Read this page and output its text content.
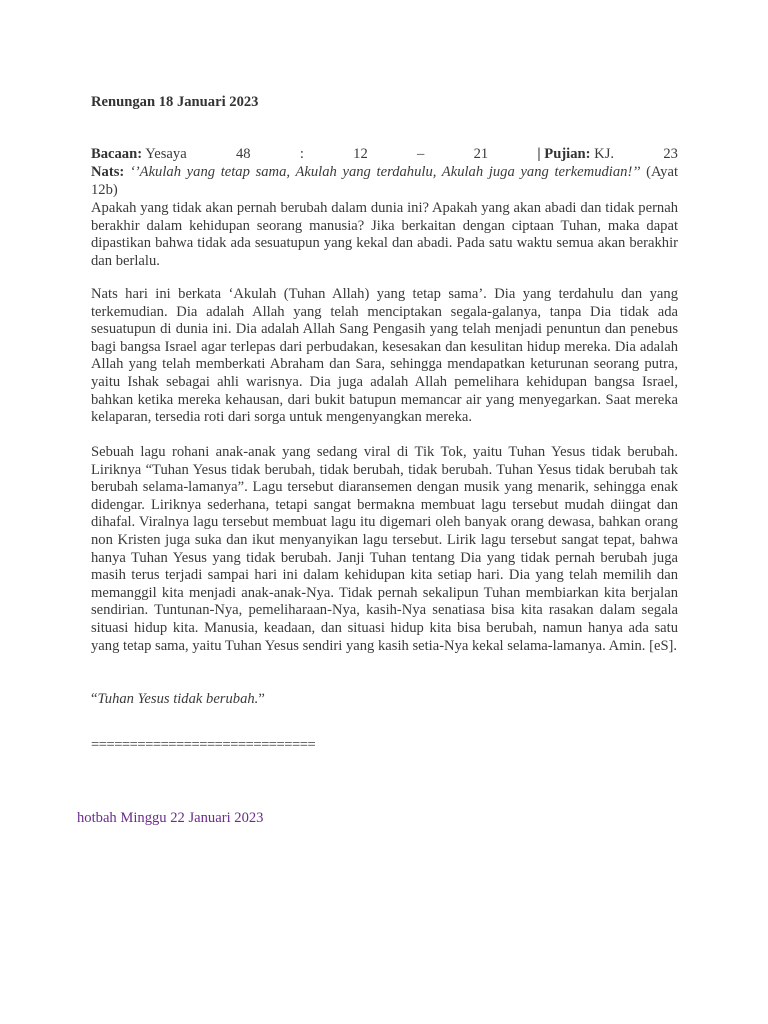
Renungan 18 Januari 2023
Bacaan: Yesaya	48	:	12	–	21	| Pujian: KJ.	23
Nats: ‘’Akulah yang tetap sama, Akulah yang terdahulu, Akulah juga yang terkemudian!’’ (Ayat 12b)

Apakah yang tidak akan pernah berubah dalam dunia ini? Apakah yang akan abadi dan tidak pernah berakhir dalam kehidupan seorang manusia? Jika berkaitan dengan ciptaan Tuhan, maka dapat dipastikan bahwa tidak ada sesuatupun yang kekal dan abadi. Pada satu waktu semua akan berakhir dan berlalu.

Nats hari ini berkata ‘Akulah (Tuhan Allah) yang tetap sama’. Dia yang terdahulu dan yang terkemudian. Dia adalah Allah yang telah menciptakan segala-galanya, tanpa Dia tidak ada sesuatupun di dunia ini. Dia adalah Allah Sang Pengasih yang telah menjadi penuntun dan penebus bagi bangsa Israel agar terlepas dari perbudakan, kesesakan dan kesulitan hidup mereka. Dia adalah Allah yang telah memberkati Abraham dan Sara, sehingga mendapatkan keturunan seorang putra, yaitu Ishak sebagai ahli warisnya. Dia juga adalah Allah pemelihara kehidupan bangsa Israel, bahkan ketika mereka kehausan, dari bukit batupun memancar air yang menyegarkan. Saat mereka kelaparan, tersedia roti dari sorga untuk mengenyangkan mereka.

Sebuah lagu rohani anak-anak yang sedang viral di Tik Tok, yaitu Tuhan Yesus tidak berubah. Liriknya “Tuhan Yesus tidak berubah, tidak berubah, tidak berubah. Tuhan Yesus tidak berubah tak berubah selama-lamanya”. Lagu tersebut diaransemen dengan musik yang menarik, sehingga enak didengar. Liriknya sederhana, tetapi sangat bermakna membuat lagu tersebut mudah diingat dan dihafal. Viralnya lagu tersebut membuat lagu itu digemari oleh banyak orang dewasa, bahkan orang non Kristen juga suka dan ikut menyanyikan lagu tersebut. Lirik lagu tersebut sangat tepat, bahwa hanya Tuhan Yesus yang tidak berubah. Janji Tuhan tentang Dia yang tidak pernah berubah juga masih terus terjadi sampai hari ini dalam kehidupan kita setiap hari. Dia yang telah memilih dan memanggil kita menjadi anak-anak-Nya. Tidak pernah sekalipun Tuhan membiarkan kita berjalan sendirian. Tuntunan-Nya, pemeliharaan-Nya, kasih-Nya senatiasa bisa kita rasakan dalam segala situasi hidup kita. Manusia, keadaan, dan situasi hidup kita bisa berubah, namun hanya ada satu yang tetap sama, yaitu Tuhan Yesus sendiri yang kasih setia-Nya kekal selama-lamanya. Amin. [eS].

“Tuhan Yesus tidak berubah.”
=============================
hotbah Minggu 22 Januari 2023
